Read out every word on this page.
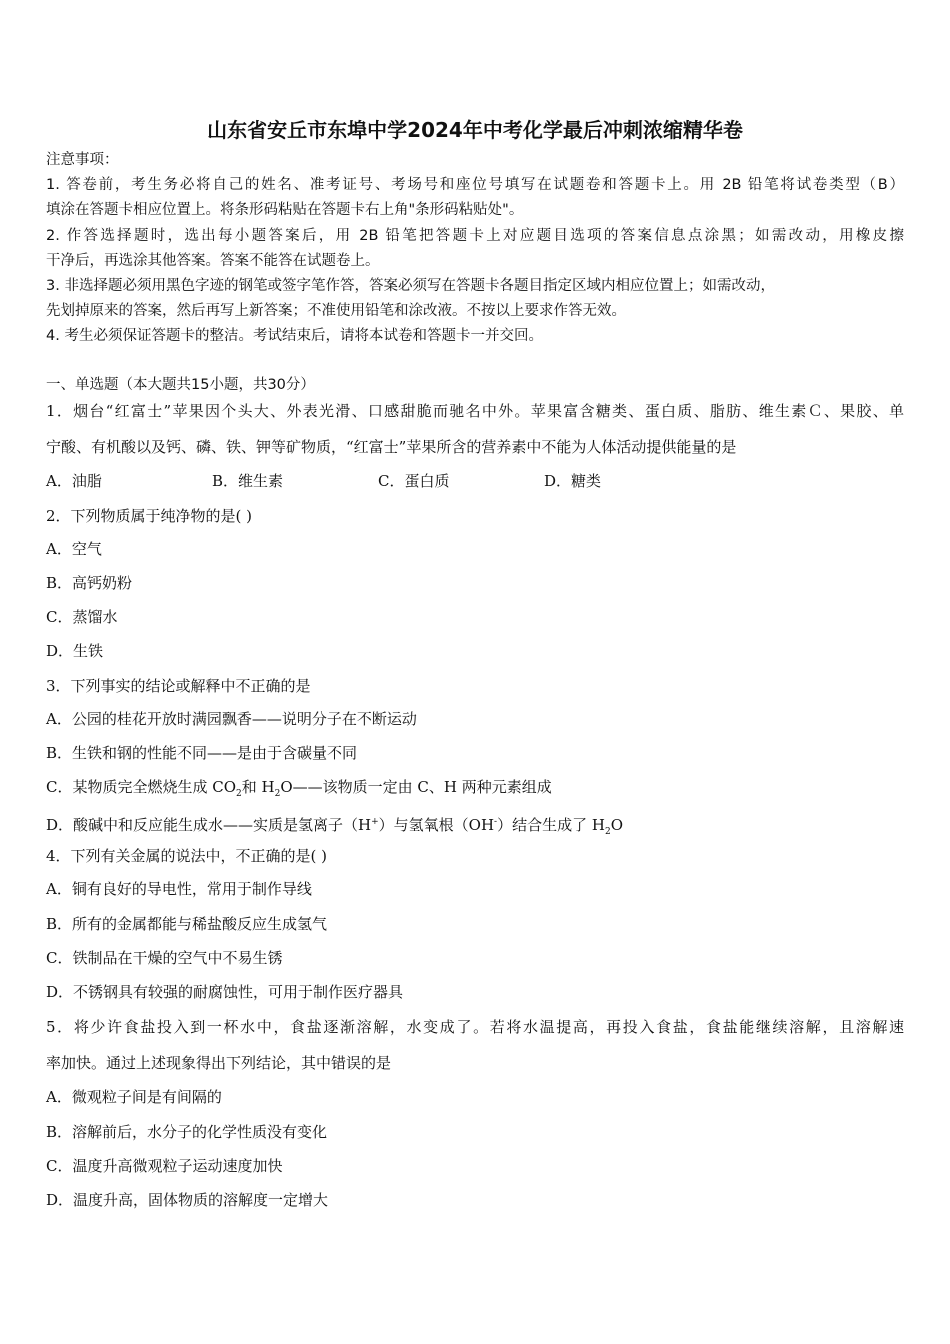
山东省安丘市东埠中学2024年中考化学最后冲刺浓缩精华卷
注意事项：
1. 答卷前，考生务必将自己的姓名、准考证号、考场号和座位号填写在试题卷和答题卡上。用 2B 铅笔将试卷类型（B）
填涂在答题卡相应位置上。将条形码粘贴在答题卡右上角"条形码粘贴处"。
2. 作答选择题时，选出每小题答案后，用 2B 铅笔把答题卡上对应题目选项的答案信息点涂黑；如需改动，用橡皮擦
干净后，再选涂其他答案。答案不能答在试题卷上。
3. 非选择题必须用黑色字迹的钢笔或签字笔作答，答案必须写在答题卡各题目指定区域内相应位置上；如需改动，
先划掉原来的答案，然后再写上新答案；不准使用铅笔和涂改液。不按以上要求作答无效。
4. 考生必须保证答题卡的整洁。考试结束后，请将本试卷和答题卡一并交回。
一、单选题（本大题共15小题，共30分）
1．烟台“红富士”苹果因个头大、外表光滑、口感甜脆而驰名中外。苹果富含糖类、蛋白质、脂肪、维生素Ｃ、果胶、单
宁酸、有机酸以及钙、磷、铁、钾等矿物质，“红富士”苹果所含的营养素中不能为人体活动提供能量的是
A．油脂	B．维生素	C．蛋白质	D．糖类
2．下列物质属于纯净物的是( )
A．空气
B．高钙奶粉
C．蒸馏水
D．生铁
3．下列事实的结论或解释中不正确的是
A．公园的桂花开放时满园飘香——说明分子在不断运动
B．生铁和钢的性能不同——是由于含碳量不同
C．某物质完全燃烧生成 $CO_2$和 $H_2O——$该物质一定由 C、H 两种元素组成
D．酸碱中和反应能生成水——实质是氢离子（H+）与氢氧根（OH-）结合生成了 $H_2O$
4．下列有关金属的说法中，不正确的是( )
A．铜有良好的导电性，常用于制作导线
B．所有的金属都能与稀盐酸反应生成氢气
C．铁制品在干燥的空气中不易生锈
D．不锈钢具有较强的耐腐蚀性，可用于制作医疗器具
5．将少许食盐投入到一杯水中，食盐逐渐溶解，水变成了。若将水温提高，再投入食盐，食盐能继续溶解，且溶解速
率加快。通过上述现象得出下列结论，其中错误的是
A．微观粒子间是有间隔的
B．溶解前后，水分子的化学性质没有变化
C．温度升高微观粒子运动速度加快
D．温度升高，固体物质的溶解度一定增大
